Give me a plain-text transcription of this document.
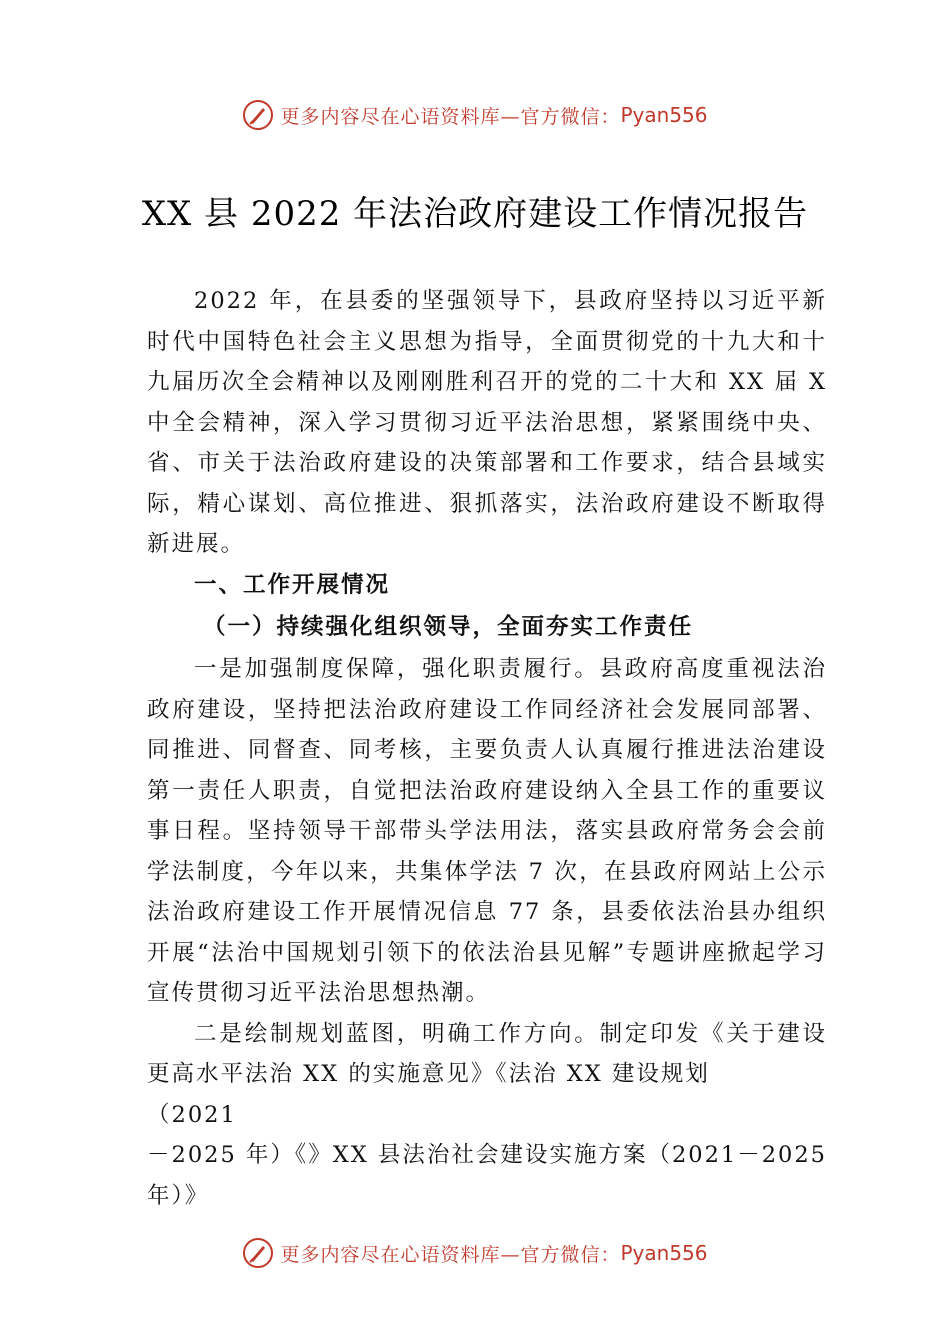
更多内容尽在心语资料库—官方微信： Pyan556
XX 县 2022 年法治政府建设工作情况报告

2022 年，在县委的坚强领导下，县政府坚持以习近平新时代中国特色社会主义思想为指导，全面贯彻党的十九大和十九届历次全会精神以及刚刚胜利召开的党的二十大和 XX 届 X 中全会精神，深入学习贯彻习近平法治思想，紧紧围绕中央、省、市关于法治政府建设的决策部署和工作要求，结合县域实际，精心谋划、高位推进、狠抓落实，法治政府建设不断取得新进展。

一、工作开展情况
（一）持续强化组织领导，全面夯实工作责任

一是加强制度保障，强化职责履行。县政府高度重视法治政府建设，坚持把法治政府建设工作同经济社会发展同部署、同推进、同督查、同考核，主要负责人认真履行推进法治建设第一责任人职责，自觉把法治政府建设纳入全县工作的重要议事日程。坚持领导干部带头学法用法，落实县政府常务会会前学法制度，今年以来，共集体学法 7 次，在县政府网站上公示法治政府建设工作开展情况信息 77 条，县委依法治县办组织开展“法治中国规划引领下的依法治县见解”专题讲座掀起学习宣传贯彻习近平法治思想热潮。

二是绘制规划蓝图，明确工作方向。制定印发《关于建设更高水平法治 XX 的实施意见》《法治 XX 建设规划

（2021

－2025 年）《》XX 县法治社会建设实施方案（2021－2025 年）》

更多内容尽在心语资料库—官方微信： Pyan556
